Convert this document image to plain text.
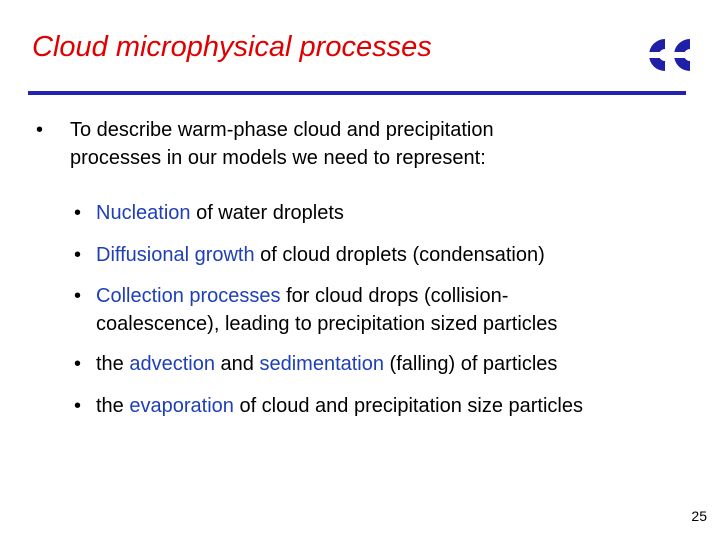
Cloud microphysical processes
•	To describe warm-phase cloud and precipitation
processes in our models we need to represent:
• Nucleation of water droplets
• Diffusional growth of cloud droplets (condensation)
• Collection processes for cloud drops (collision-
coalescence), leading to precipitation sized particles
• the advection and sedimentation (falling) of particles
• the evaporation of cloud and precipitation size particles
25
